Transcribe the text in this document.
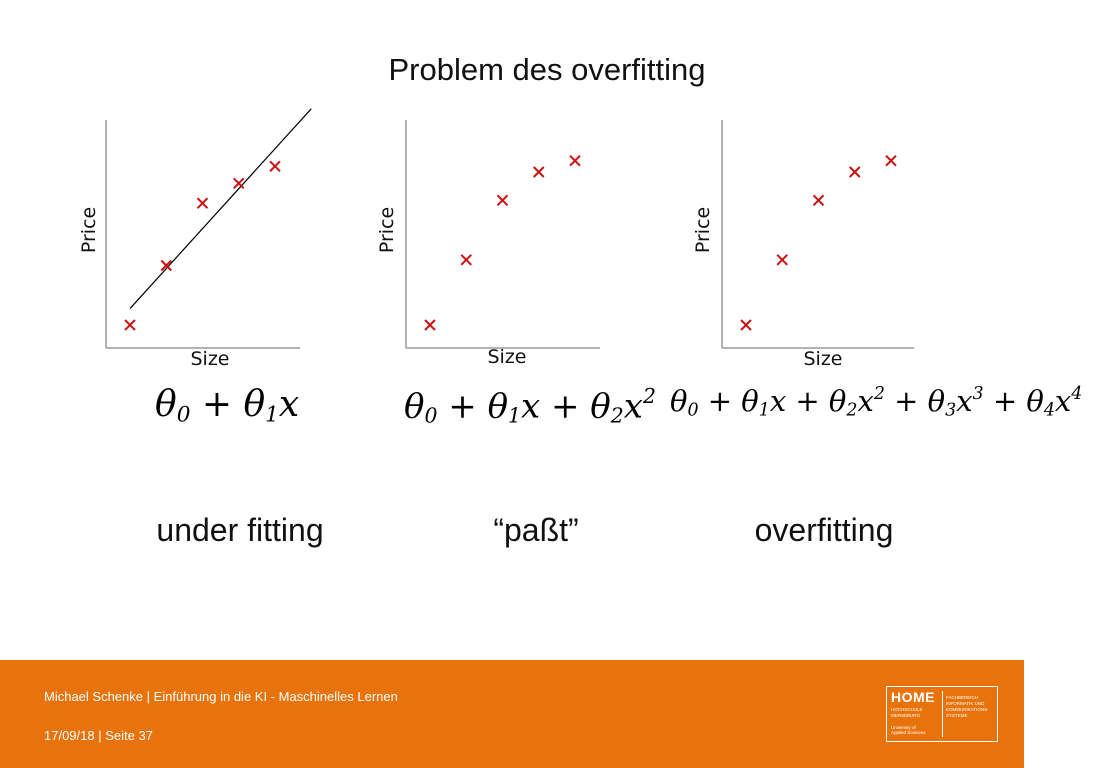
Problem des overfitting
Price
Size
Price
Size
Price
Size
$\theta_0 + \theta_1x$	$\theta_0 + \theta_1x + \theta_2x^2$ $\theta_0 + \theta_1x + \theta_2x^2 + \theta_3x^3 + \theta_4x^4$
under fitting	“paßt”	overfitting
Michael Schenke | Einführung in die KI - Maschinelles Lernen
17/09/18 | Seite 37
HOME
HOCHSCHULE
MERSEBURG
University of
Applied Sciences
FACHBEREICH
INFORMATIK UND
KOMMUNIKATIONS-
SYSTEME
